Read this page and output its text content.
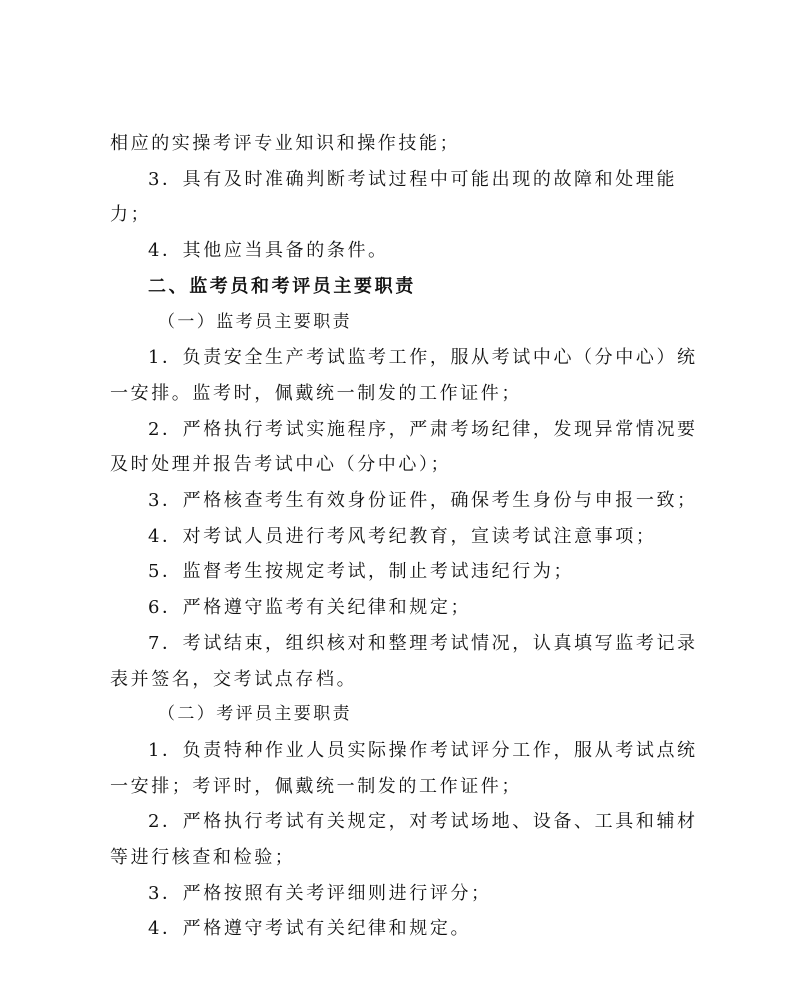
相应的实操考评专业知识和操作技能；

3．具有及时准确判断考试过程中可能出现的故障和处理能力；

4．其他应当具备的条件。

二、监考员和考评员主要职责

（一）监考员主要职责

1．负责安全生产考试监考工作，服从考试中心（分中心）统一安排。监考时，佩戴统一制发的工作证件；

2．严格执行考试实施程序，严肃考场纪律，发现异常情况要及时处理并报告考试中心（分中心）；

3．严格核查考生有效身份证件，确保考生身份与申报一致；

4．对考试人员进行考风考纪教育，宣读考试注意事项；

5．监督考生按规定考试，制止考试违纪行为；

6．严格遵守监考有关纪律和规定；

7．考试结束，组织核对和整理考试情况，认真填写监考记录表并签名，交考试点存档。

（二）考评员主要职责

1．负责特种作业人员实际操作考试评分工作，服从考试点统一安排；考评时，佩戴统一制发的工作证件；

2．严格执行考试有关规定，对考试场地、设备、工具和辅材等进行核查和检验；

3．严格按照有关考评细则进行评分；

4．严格遵守考试有关纪律和规定。
